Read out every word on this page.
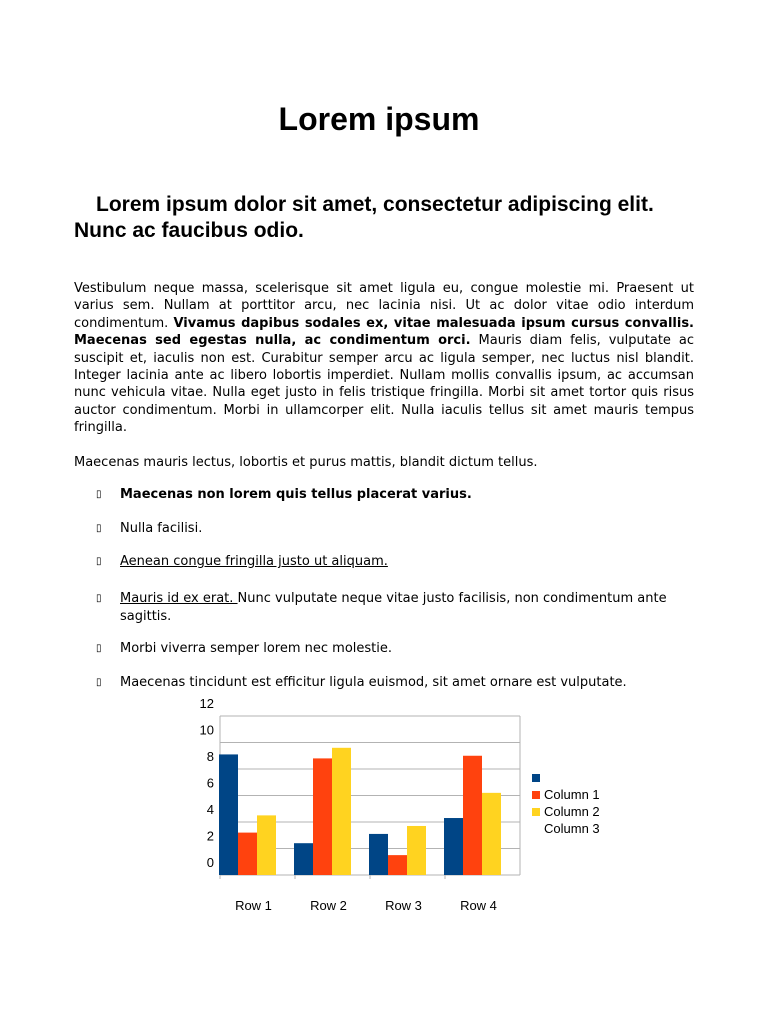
Lorem ipsum
Lorem ipsum dolor sit amet, consectetur adipiscing elit. Nunc ac faucibus odio.
Vestibulum neque massa, scelerisque sit amet ligula eu, congue molestie mi. Praesent ut varius sem. Nullam at porttitor arcu, nec lacinia nisi. Ut ac dolor vitae odio interdum condimentum. Vivamus dapibus sodales ex, vitae malesuada ipsum cursus convallis. Maecenas sed egestas nulla, ac condimentum orci. Mauris diam felis, vulputate ac suscipit et, iaculis non est. Curabitur semper arcu ac ligula semper, nec luctus nisl blandit. Integer lacinia ante ac libero lobortis imperdiet. Nullam mollis convallis ipsum, ac accumsan nunc vehicula vitae. Nulla eget justo in felis tristique fringilla. Morbi sit amet tortor quis risus auctor condimentum. Morbi in ullamcorper elit. Nulla iaculis tellus sit amet mauris tempus fringilla.
Maecenas mauris lectus, lobortis et purus mattis, blandit dictum tellus.
▯	Maecenas non lorem quis tellus placerat varius.
▯	Nulla facilisi.
▯	Aenean congue fringilla justo ut aliquam.
▯	Mauris id ex erat. Nunc vulputate neque vitae justo facilisis, non condimentum ante sagittis.
▯	Morbi viverra semper lorem nec molestie.
▯	Maecenas tincidunt est efficitur ligula euismod, sit amet ornare est vulputate.
0
2
4
6
8
10
12
Row 1	Row 2	Row 3	Row 4
Column 1
Column 2
Column 3
